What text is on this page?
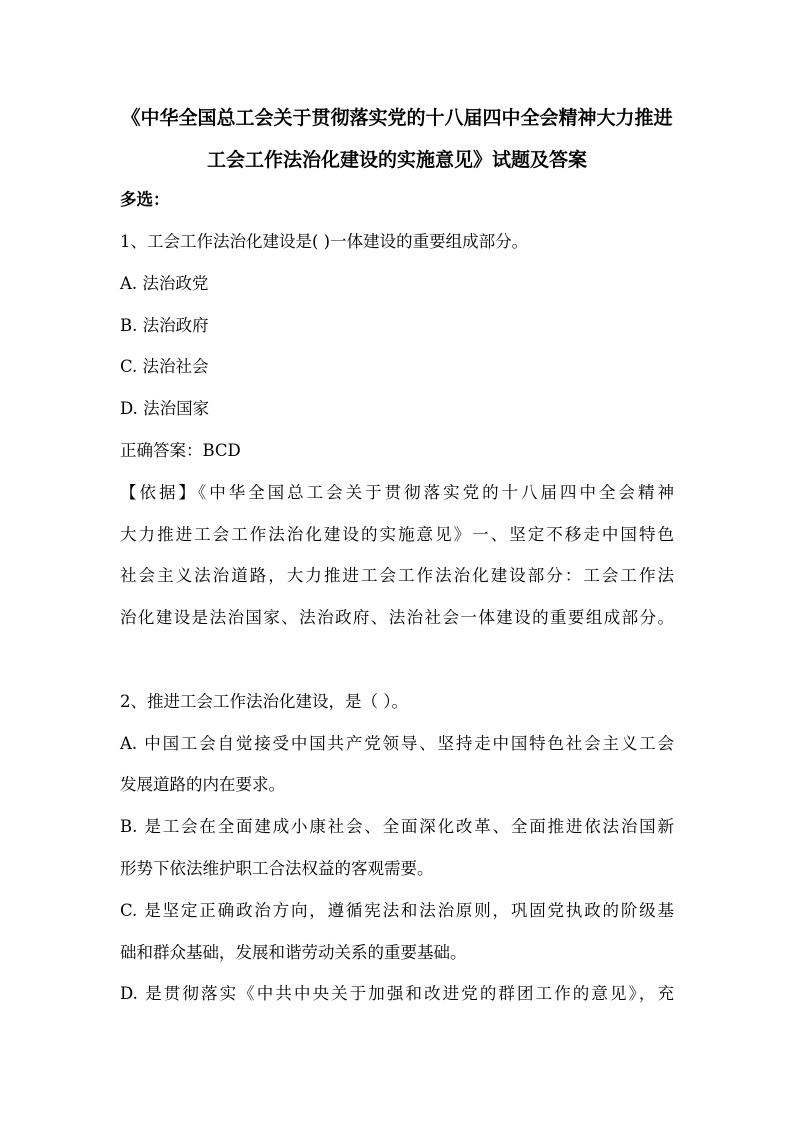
《中华全国总工会关于贯彻落实党的十八届四中全会精神大力推进
工会工作法治化建设的实施意见》试题及答案
多选：
1、工会工作法治化建设是( )一体建设的重要组成部分。
A. 法治政党
B. 法治政府
C. 法治社会
D. 法治国家
正确答案：BCD
【依据】《中华全国总工会关于贯彻落实党的十八届四中全会精神
大力推进工会工作法治化建设的实施意见》一、坚定不移走中国特色
社会主义法治道路，大力推进工会工作法治化建设部分：工会工作法
治化建设是法治国家、法治政府、法治社会一体建设的重要组成部分。
2、推进工会工作法治化建设，是（ ）。
A. 中国工会自觉接受中国共产党领导、坚持走中国特色社会主义工会
发展道路的内在要求。
B. 是工会在全面建成小康社会、全面深化改革、全面推进依法治国新
形势下依法维护职工合法权益的客观需要。
C. 是坚定正确政治方向，遵循宪法和法治原则，巩固党执政的阶级基
础和群众基础，发展和谐劳动关系的重要基础。
D. 是贯彻落实《中共中央关于加强和改进党的群团工作的意见》，充
